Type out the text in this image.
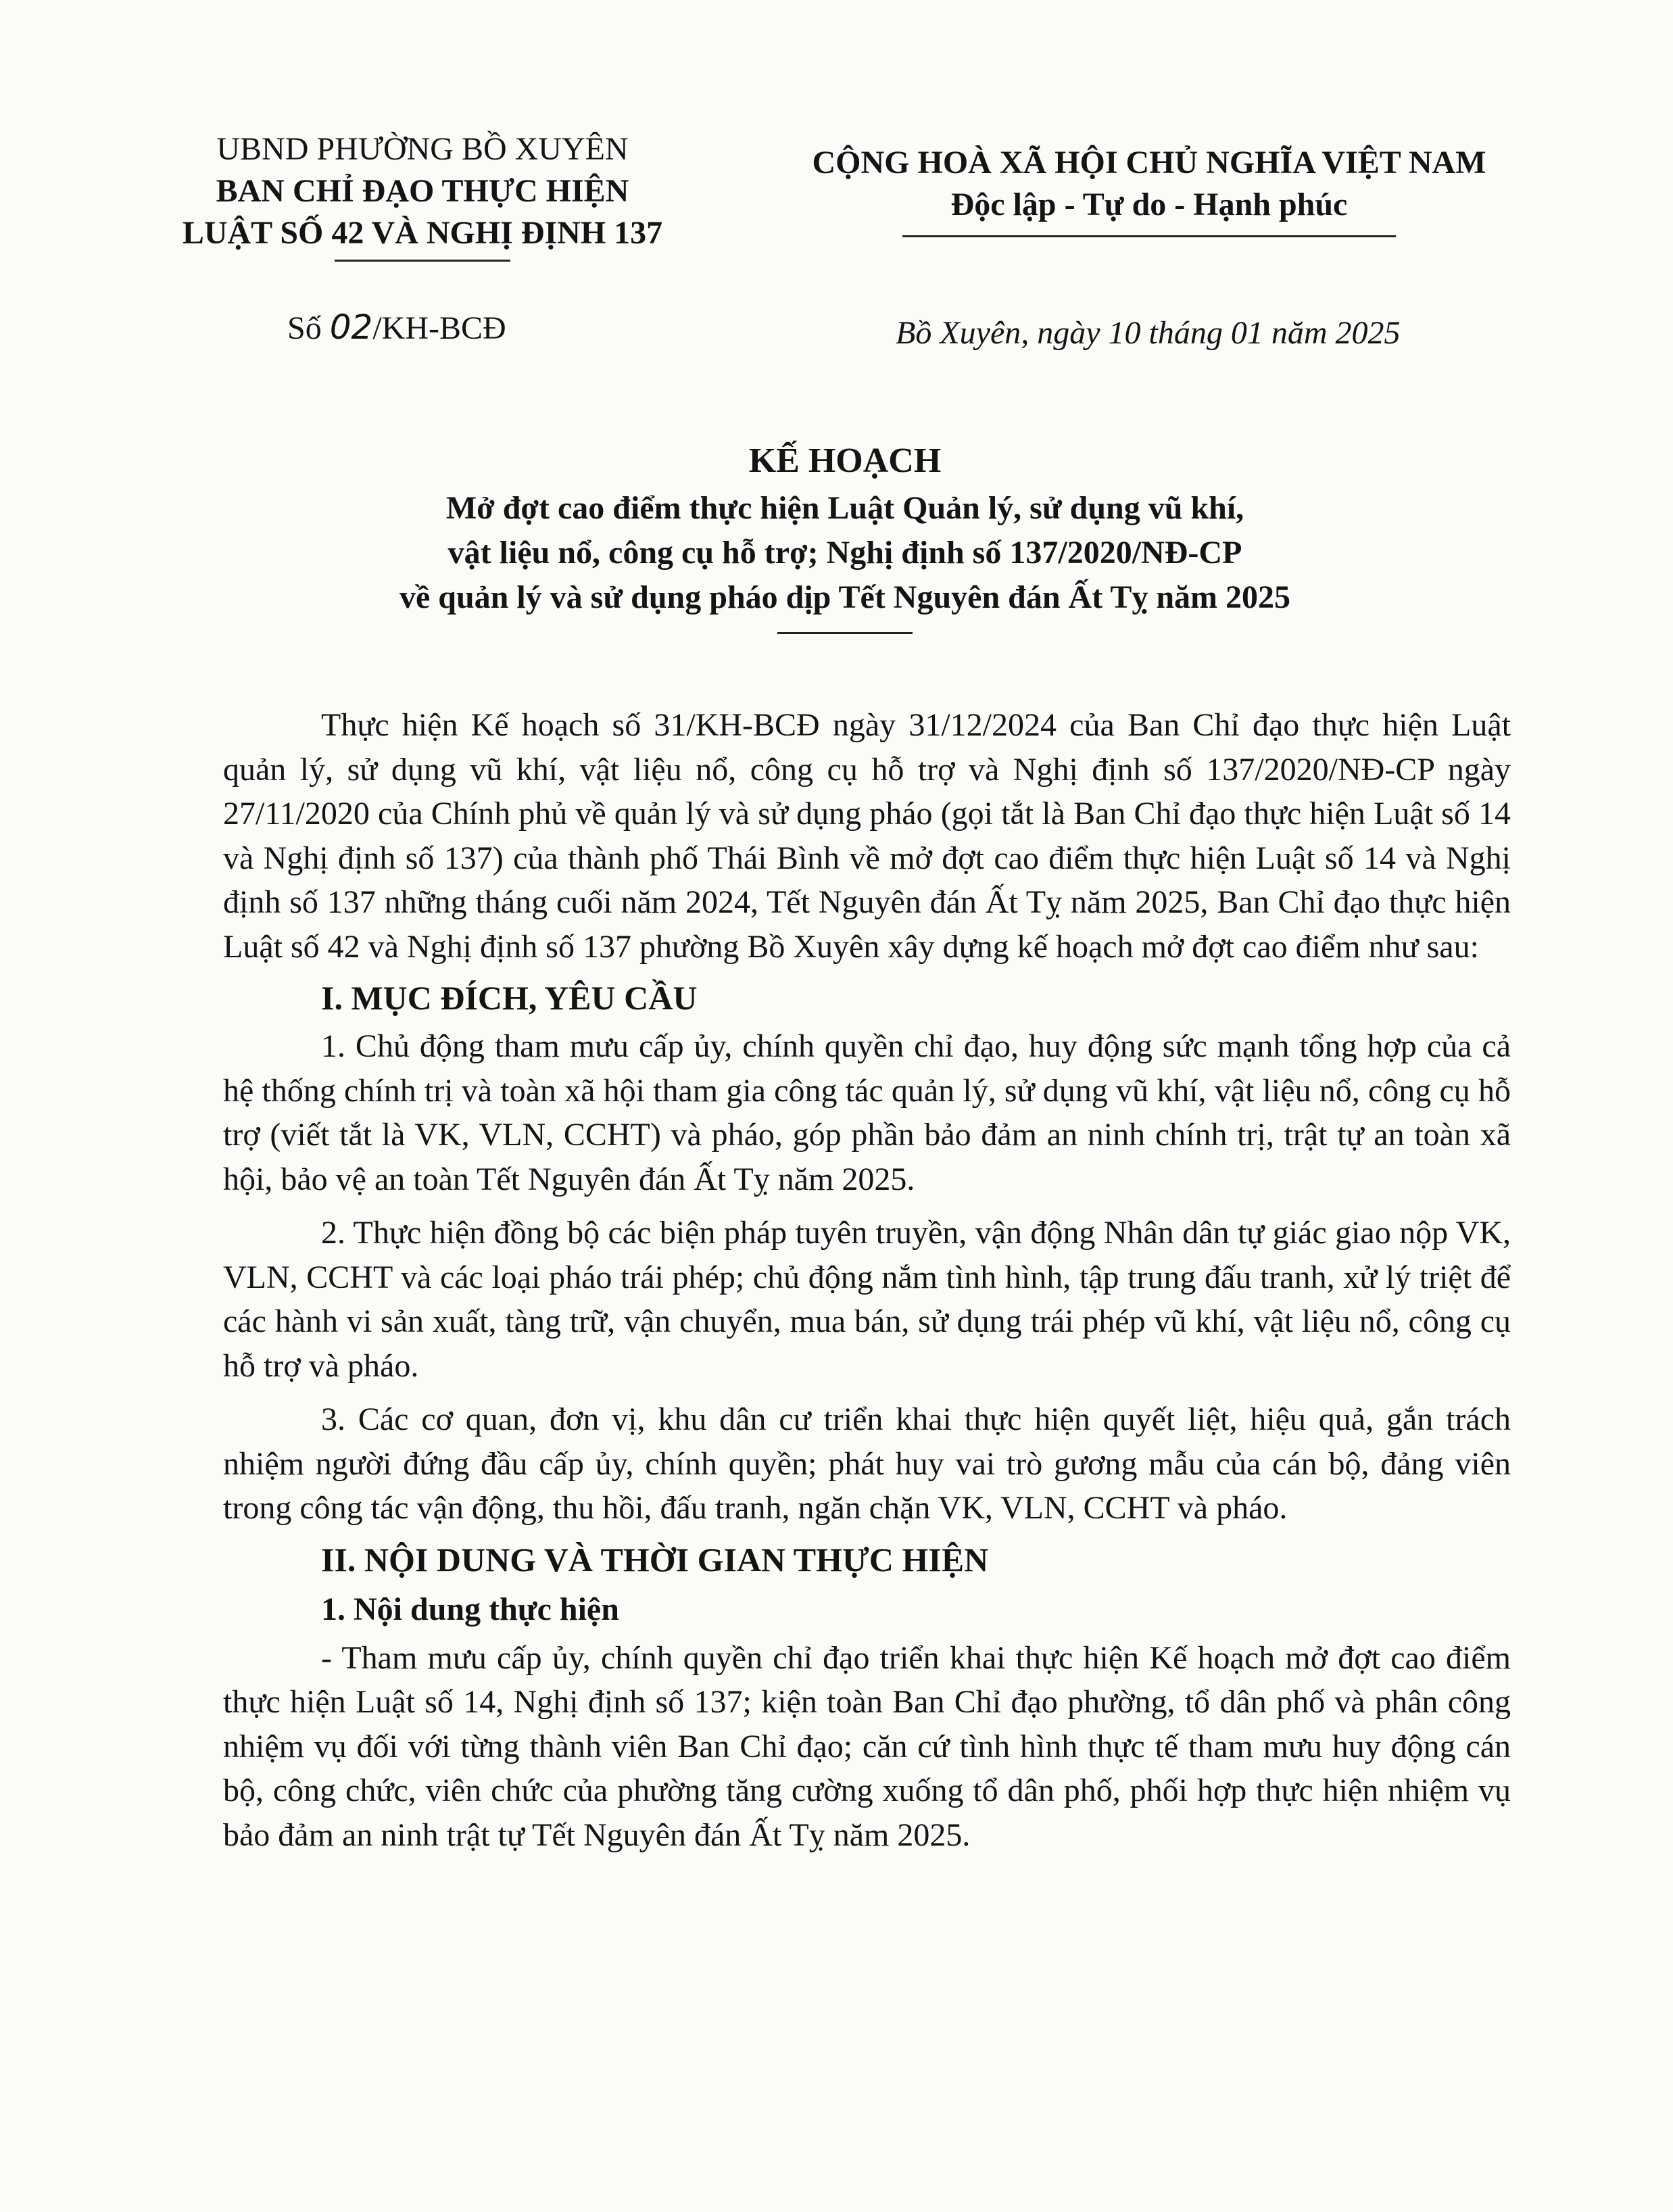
UBND PHƯỜNG BỒ XUYÊN
BAN CHỈ ĐẠO THỰC HIỆN
LUẬT SỐ 42 VÀ NGHỊ ĐỊNH 137
CỘNG HOÀ XÃ HỘI CHỦ NGHĨA VIỆT NAM
Độc lập - Tự do - Hạnh phúc
Số 02/KH-BCĐ	Bồ Xuyên, ngày 10 tháng 01 năm 2025
KẾ HOẠCH
Mở đợt cao điểm thực hiện Luật Quản lý, sử dụng vũ khí,
vật liệu nổ, công cụ hỗ trợ; Nghị định số 137/2020/NĐ-CP
về quản lý và sử dụng pháo dịp Tết Nguyên đán Ất Tỵ năm 2025

Thực hiện Kế hoạch số 31/KH-BCĐ ngày 31/12/2024 của Ban Chỉ đạo thực hiện Luật quản lý, sử dụng vũ khí, vật liệu nổ, công cụ hỗ trợ và Nghị định số 137/2020/NĐ-CP ngày 27/11/2020 của Chính phủ về quản lý và sử dụng pháo (gọi tắt là Ban Chỉ đạo thực hiện Luật số 14 và Nghị định số 137) của thành phố Thái Bình về mở đợt cao điểm thực hiện Luật số 14 và Nghị định số 137 những tháng cuối năm 2024, Tết Nguyên đán Ất Tỵ năm 2025, Ban Chỉ đạo thực hiện Luật số 42 và Nghị định số 137 phường Bồ Xuyên xây dựng kế hoạch mở đợt cao điểm như sau:

I. MỤC ĐÍCH, YÊU CẦU

1. Chủ động tham mưu cấp ủy, chính quyền chỉ đạo, huy động sức mạnh tổng hợp của cả hệ thống chính trị và toàn xã hội tham gia công tác quản lý, sử dụng vũ khí, vật liệu nổ, công cụ hỗ trợ (viết tắt là VK, VLN, CCHT) và pháo, góp phần bảo đảm an ninh chính trị, trật tự an toàn xã hội, bảo vệ an toàn Tết Nguyên đán Ất Tỵ năm 2025.

2. Thực hiện đồng bộ các biện pháp tuyên truyền, vận động Nhân dân tự giác giao nộp VK, VLN, CCHT và các loại pháo trái phép; chủ động nắm tình hình, tập trung đấu tranh, xử lý triệt để các hành vi sản xuất, tàng trữ, vận chuyển, mua bán, sử dụng trái phép vũ khí, vật liệu nổ, công cụ hỗ trợ và pháo.

3. Các cơ quan, đơn vị, khu dân cư triển khai thực hiện quyết liệt, hiệu quả, gắn trách nhiệm người đứng đầu cấp ủy, chính quyền; phát huy vai trò gương mẫu của cán bộ, đảng viên trong công tác vận động, thu hồi, đấu tranh, ngăn chặn VK, VLN, CCHT và pháo.

II. NỘI DUNG VÀ THỜI GIAN THỰC HIỆN
1. Nội dung thực hiện

- Tham mưu cấp ủy, chính quyền chỉ đạo triển khai thực hiện Kế hoạch mở đợt cao điểm thực hiện Luật số 14, Nghị định số 137; kiện toàn Ban Chỉ đạo phường, tổ dân phố và phân công nhiệm vụ đối với từng thành viên Ban Chỉ đạo; căn cứ tình hình thực tế tham mưu huy động cán bộ, công chức, viên chức của phường tăng cường xuống tổ dân phố, phối hợp thực hiện nhiệm vụ bảo đảm an ninh trật tự Tết Nguyên đán Ất Tỵ năm 2025.
